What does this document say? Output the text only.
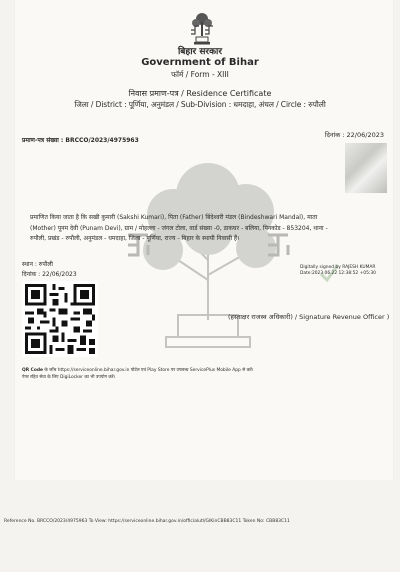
बिहार सरकार
Government of Bihar
फॉर्म / Form - XIII
निवास प्रमाण-पत्र / Residence Certificate
जिला / District : पूर्णिया, अनुमंडल / Sub-Division : धमदाहा, अंचल / Circle : रुपौली
प्रमाण-पत्र संख्या : BRCCO/2023/4975963
दिनांक : 22/06/2023
प्रमाणित किया जाता है कि सखी कुमारी (Sakshi Kumari), पिता (Father) बिंदेश्वरी मंडल (Bindeshwari Mandal), माता
(Mother) पूनम देवी (Punam Devi), ग्राम / मोहल्ला - जंगल टोला, वार्ड संख्या -0, डाकघर - बलिया, पिनकोड - 853204, थाना -
रुपौली, प्रखंड - रुपौली, अनुमंडल - धमदाहा, जिला - पूर्णिया, राज्य - बिहार के स्थायी निवासी हैं।
स्थान : रुपौली
दिनांक : 22/06/2023
Digitally signed by RAJESH KUMAR
Date:2023.06.22 12:38:52 +05:30
(हस्ताक्षर राजस्व अधिकारी) / Signature Revenue Officer )
QR Code के जाँच https://serviceonline.bihar.gov.in पोर्टल एवं Play Store पर उपलब्ध ServicePlus Mobile App से करें।
पेपर रहित सेवा के लिए DigiLocker का भी उपयोग करें।
Reference No. BRCCO/2023/4975963 To View: https://serviceonline.bihar.gov.in/officialutl/GIKinCBB83C11 Token No: CBB83C11
